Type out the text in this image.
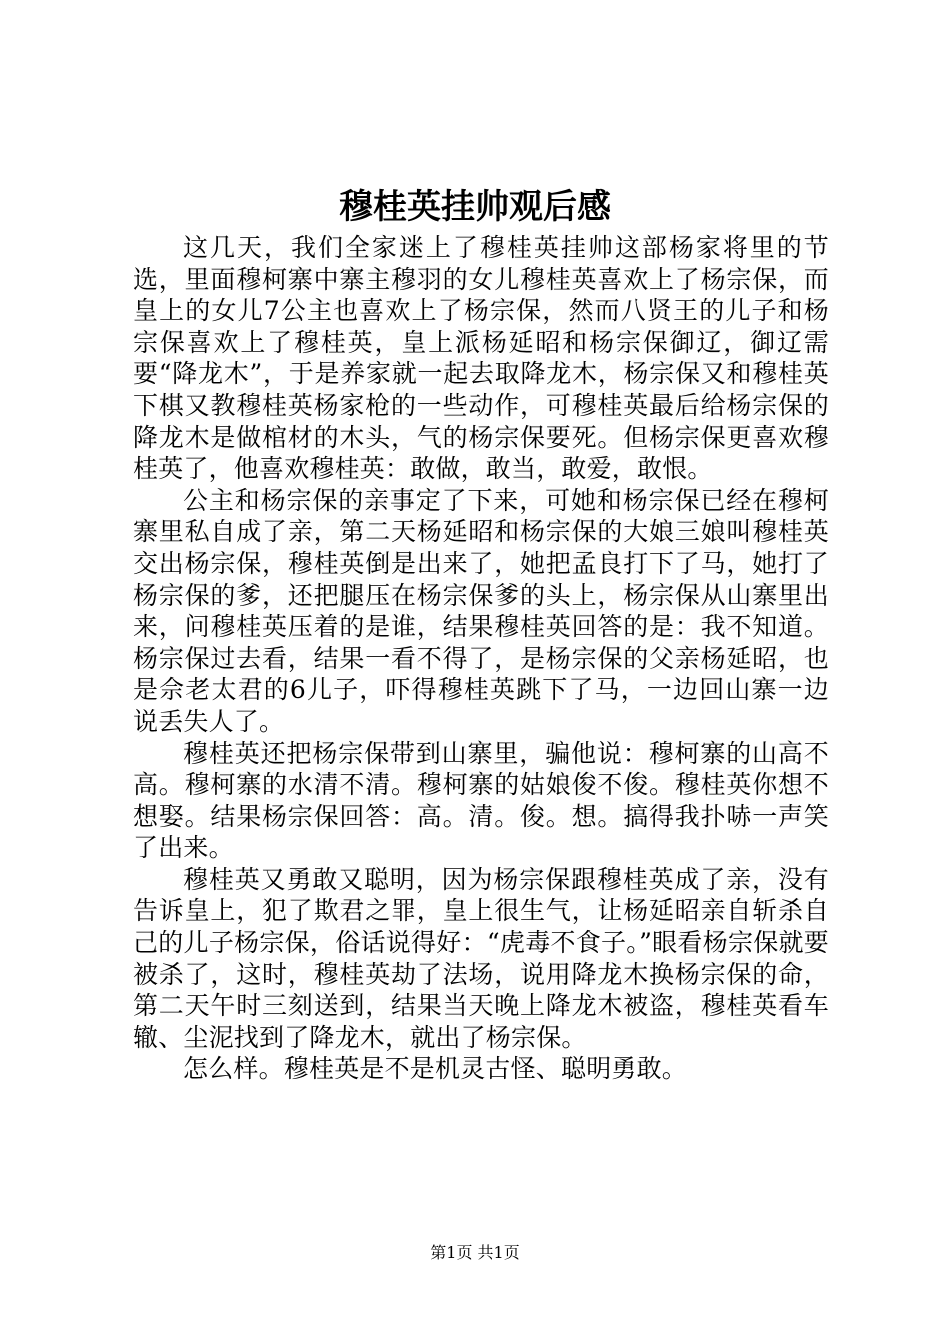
穆桂英挂帅观后感

这几天，我们全家迷上了穆桂英挂帅这部杨家将里的节选，里面穆柯寨中寨主穆羽的女儿穆桂英喜欢上了杨宗保，而皇上的女儿7公主也喜欢上了杨宗保，然而八贤王的儿子和杨宗保喜欢上了穆桂英，皇上派杨延昭和杨宗保御辽，御辽需要“降龙木”，于是养家就一起去取降龙木，杨宗保又和穆桂英下棋又教穆桂英杨家枪的一些动作，可穆桂英最后给杨宗保的降龙木是做棺材的木头，气的杨宗保要死。但杨宗保更喜欢穆桂英了，他喜欢穆桂英：敢做，敢当，敢爱，敢恨。

公主和杨宗保的亲事定了下来，可她和杨宗保已经在穆柯寨里私自成了亲，第二天杨延昭和杨宗保的大娘三娘叫穆桂英交出杨宗保，穆桂英倒是出来了，她把孟良打下了马，她打了杨宗保的爹，还把腿压在杨宗保爹的头上，杨宗保从山寨里出来，问穆桂英压着的是谁，结果穆桂英回答的是：我不知道。杨宗保过去看，结果一看不得了，是杨宗保的父亲杨延昭，也是佘老太君的6儿子，吓得穆桂英跳下了马，一边回山寨一边说丢失人了。

穆桂英还把杨宗保带到山寨里，骗他说：穆柯寨的山高不高。穆柯寨的水清不清。穆柯寨的姑娘俊不俊。穆桂英你想不想娶。结果杨宗保回答：高。清。俊。想。搞得我扑哧一声笑了出来。

穆桂英又勇敢又聪明，因为杨宗保跟穆桂英成了亲，没有告诉皇上，犯了欺君之罪，皇上很生气，让杨延昭亲自斩杀自己的儿子杨宗保，俗话说得好：“虎毒不食子。”眼看杨宗保就要被杀了，这时，穆桂英劫了法场，说用降龙木换杨宗保的命，第二天午时三刻送到，结果当天晚上降龙木被盗，穆桂英看车辙、尘泥找到了降龙木，就出了杨宗保。

怎么样。穆桂英是不是机灵古怪、聪明勇敢。

第1页 共1页
